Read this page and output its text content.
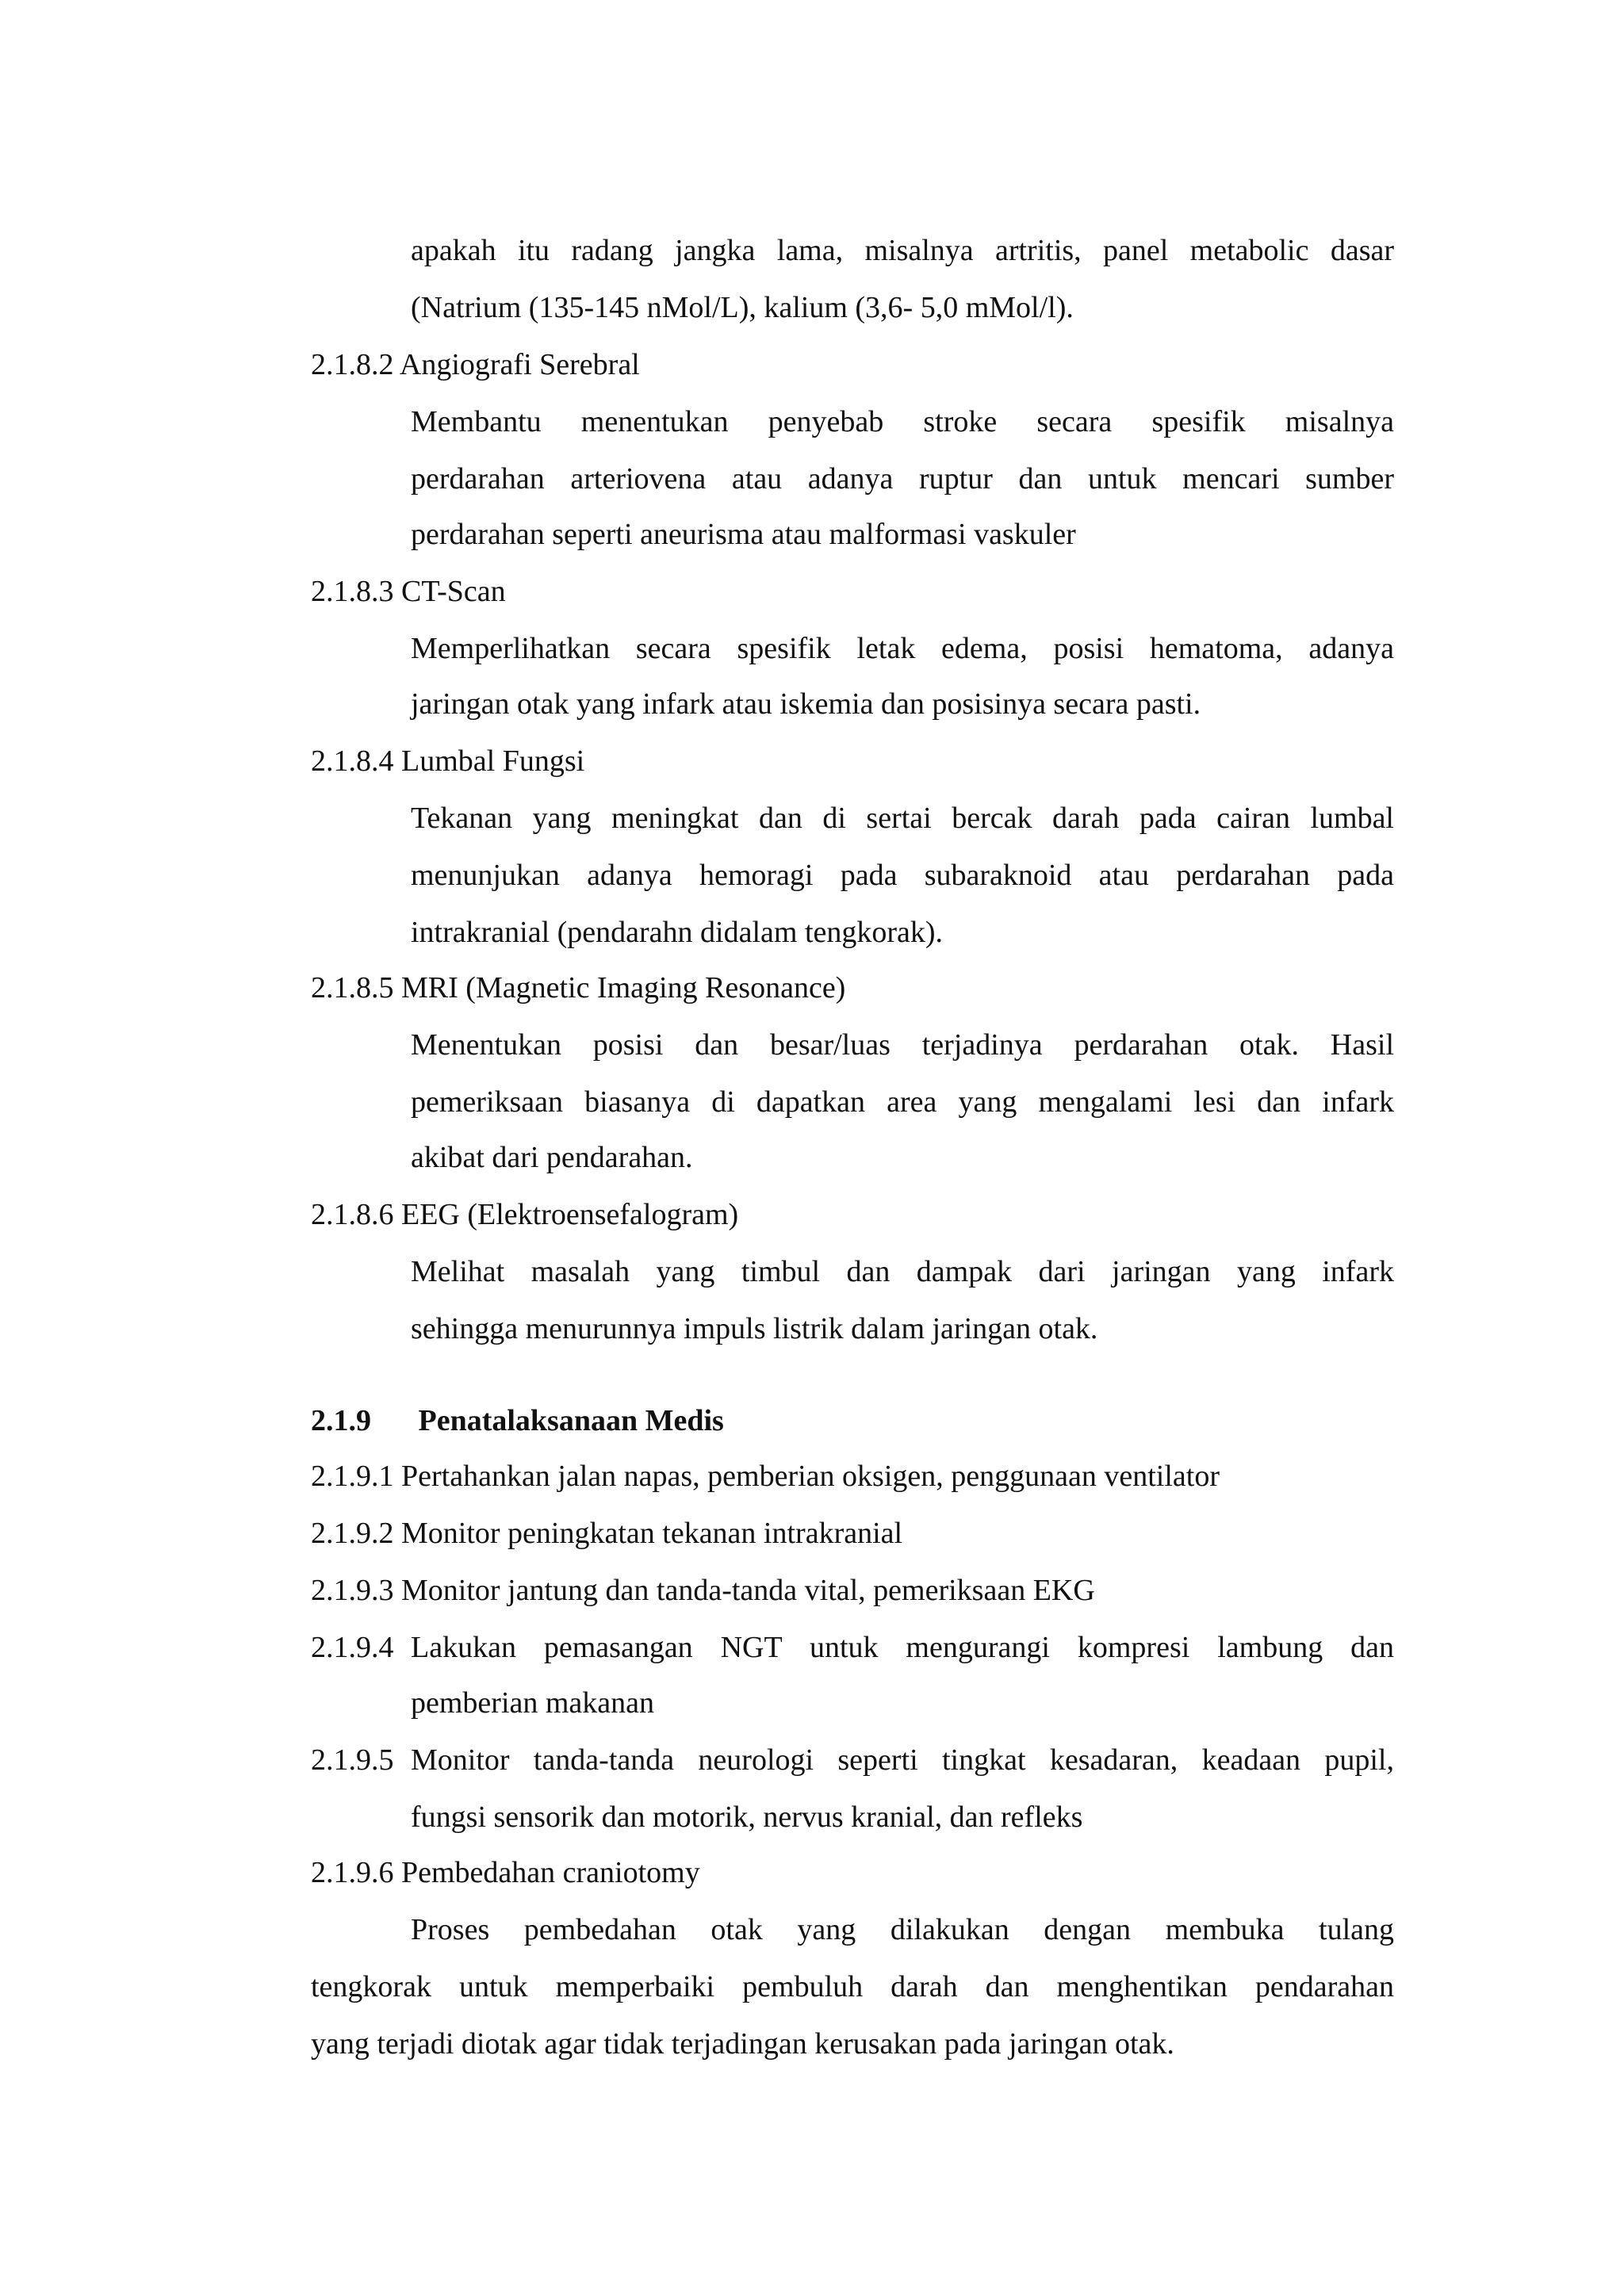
apakah itu radang jangka lama, misalnya artritis, panel metabolic dasar
(Natrium (135-145 nMol/L), kalium (3,6- 5,0 mMol/l).
2.1.8.2 Angiografi Serebral
Membantu menentukan penyebab stroke secara spesifik misalnya
perdarahan arteriovena atau adanya ruptur dan untuk mencari sumber
perdarahan seperti aneurisma atau malformasi vaskuler
2.1.8.3 CT-Scan
Memperlihatkan secara spesifik letak edema, posisi hematoma, adanya
jaringan otak yang infark atau iskemia dan posisinya secara pasti.
2.1.8.4 Lumbal Fungsi
Tekanan yang meningkat dan di sertai bercak darah pada cairan lumbal
menunjukan adanya hemoragi pada subaraknoid atau perdarahan pada
intrakranial (pendarahn didalam tengkorak).
2.1.8.5 MRI (Magnetic Imaging Resonance)
Menentukan posisi dan besar/luas terjadinya perdarahan otak. Hasil
pemeriksaan biasanya di dapatkan area yang mengalami lesi dan infark
akibat dari pendarahan.
2.1.8.6 EEG (Elektroensefalogram)
Melihat masalah yang timbul dan dampak dari jaringan yang infark
sehingga menurunnya impuls listrik dalam jaringan otak.
2.1.9 Penatalaksanaan Medis
2.1.9.1 Pertahankan jalan napas, pemberian oksigen, penggunaan ventilator
2.1.9.2 Monitor peningkatan tekanan intrakranial
2.1.9.3 Monitor jantung dan tanda-tanda vital, pemeriksaan EKG
2.1.9.4 Lakukan pemasangan NGT untuk mengurangi kompresi lambung dan
pemberian makanan
2.1.9.5 Monitor tanda-tanda neurologi seperti tingkat kesadaran, keadaan pupil,
fungsi sensorik dan motorik, nervus kranial, dan refleks
2.1.9.6 Pembedahan craniotomy
Proses pembedahan otak yang dilakukan dengan membuka tulang
tengkorak untuk memperbaiki pembuluh darah dan menghentikan pendarahan
yang terjadi diotak agar tidak terjadingan kerusakan pada jaringan otak.
